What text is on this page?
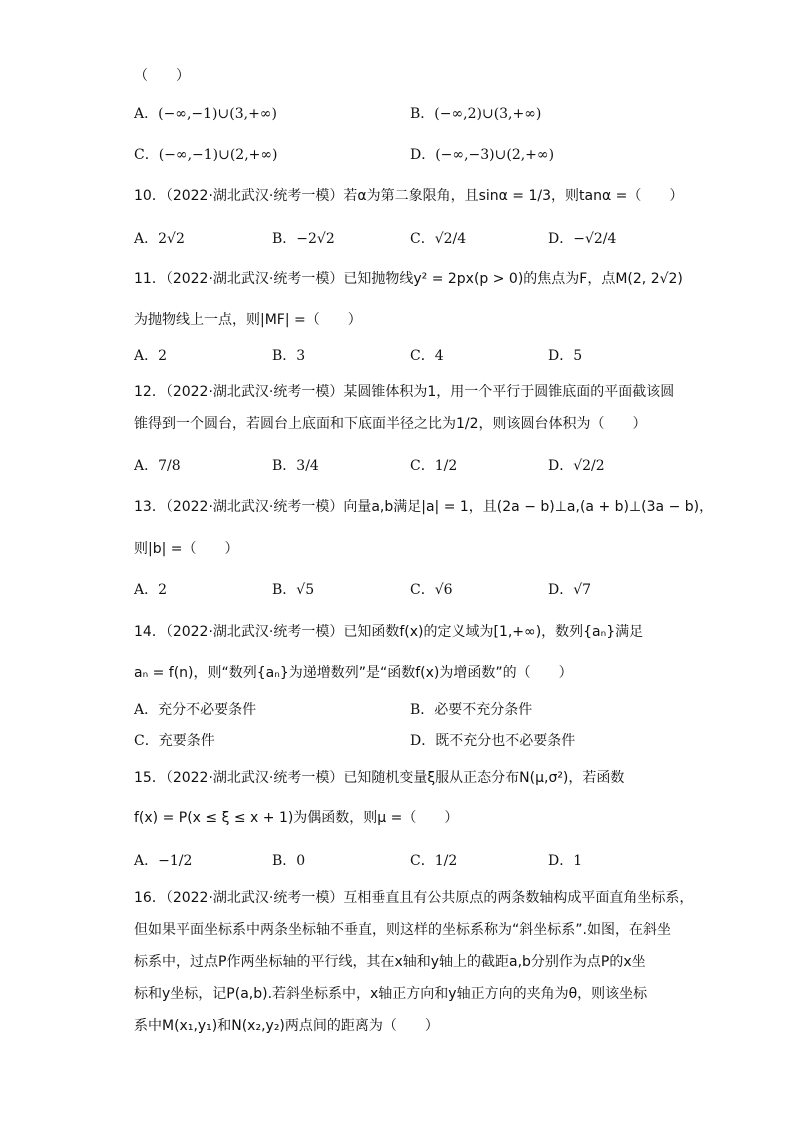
（　　）
A．(−∞,−1)∪(3,+∞)	B．(−∞,2)∪(3,+∞)
C．(−∞,−1)∪(2,+∞)	D．(−∞,−3)∪(2,+∞)
10．（2022·湖北武汉·统考一模）若α为第二象限角，且sinα = 1/3，则tanα =（　　）
A．2√2	B．−2√2	C．√2/4	D．−√2/4
11．（2022·湖北武汉·统考一模）已知抛物线y² = 2px(p > 0)的焦点为F，点M(2, 2√2)
为抛物线上一点，则|MF| =（　　）
A．2	B．3	C．4	D．5
12．（2022·湖北武汉·统考一模）某圆锥体积为1，用一个平行于圆锥底面的平面截该圆
锥得到一个圆台，若圆台上底面和下底面半径之比为1/2，则该圆台体积为（　　）
A．7/8	B．3/4	C．1/2	D．√2/2
13．（2022·湖北武汉·统考一模）向量a,b满足|a| = 1，且(2a − b)⊥a,(a + b)⊥(3a − b)，
则|b| =（　　）
A．2	B．√5	C．√6	D．√7
14．（2022·湖北武汉·统考一模）已知函数f(x)的定义域为[1,+∞)，数列{aₙ}满足
aₙ = f(n)，则“数列{aₙ}为递增数列”是“函数f(x)为增函数”的（　　）
A．充分不必要条件	B．必要不充分条件
C．充要条件	D．既不充分也不必要条件
15．（2022·湖北武汉·统考一模）已知随机变量ξ服从正态分布N(μ,σ²)，若函数
f(x) = P(x ≤ ξ ≤ x + 1)为偶函数，则μ =（　　）
A．−1/2	B．0	C．1/2	D．1
16．（2022·湖北武汉·统考一模）互相垂直且有公共原点的两条数轴构成平面直角坐标系，
但如果平面坐标系中两条坐标轴不垂直，则这样的坐标系称为“斜坐标系”.如图，在斜坐
标系中，过点P作两坐标轴的平行线，其在x轴和y轴上的截距a,b分别作为点P的x坐
标和y坐标，记P(a,b).若斜坐标系中，x轴正方向和y轴正方向的夹角为θ，则该坐标
系中M(x₁,y₁)和N(x₂,y₂)两点间的距离为（　　）
